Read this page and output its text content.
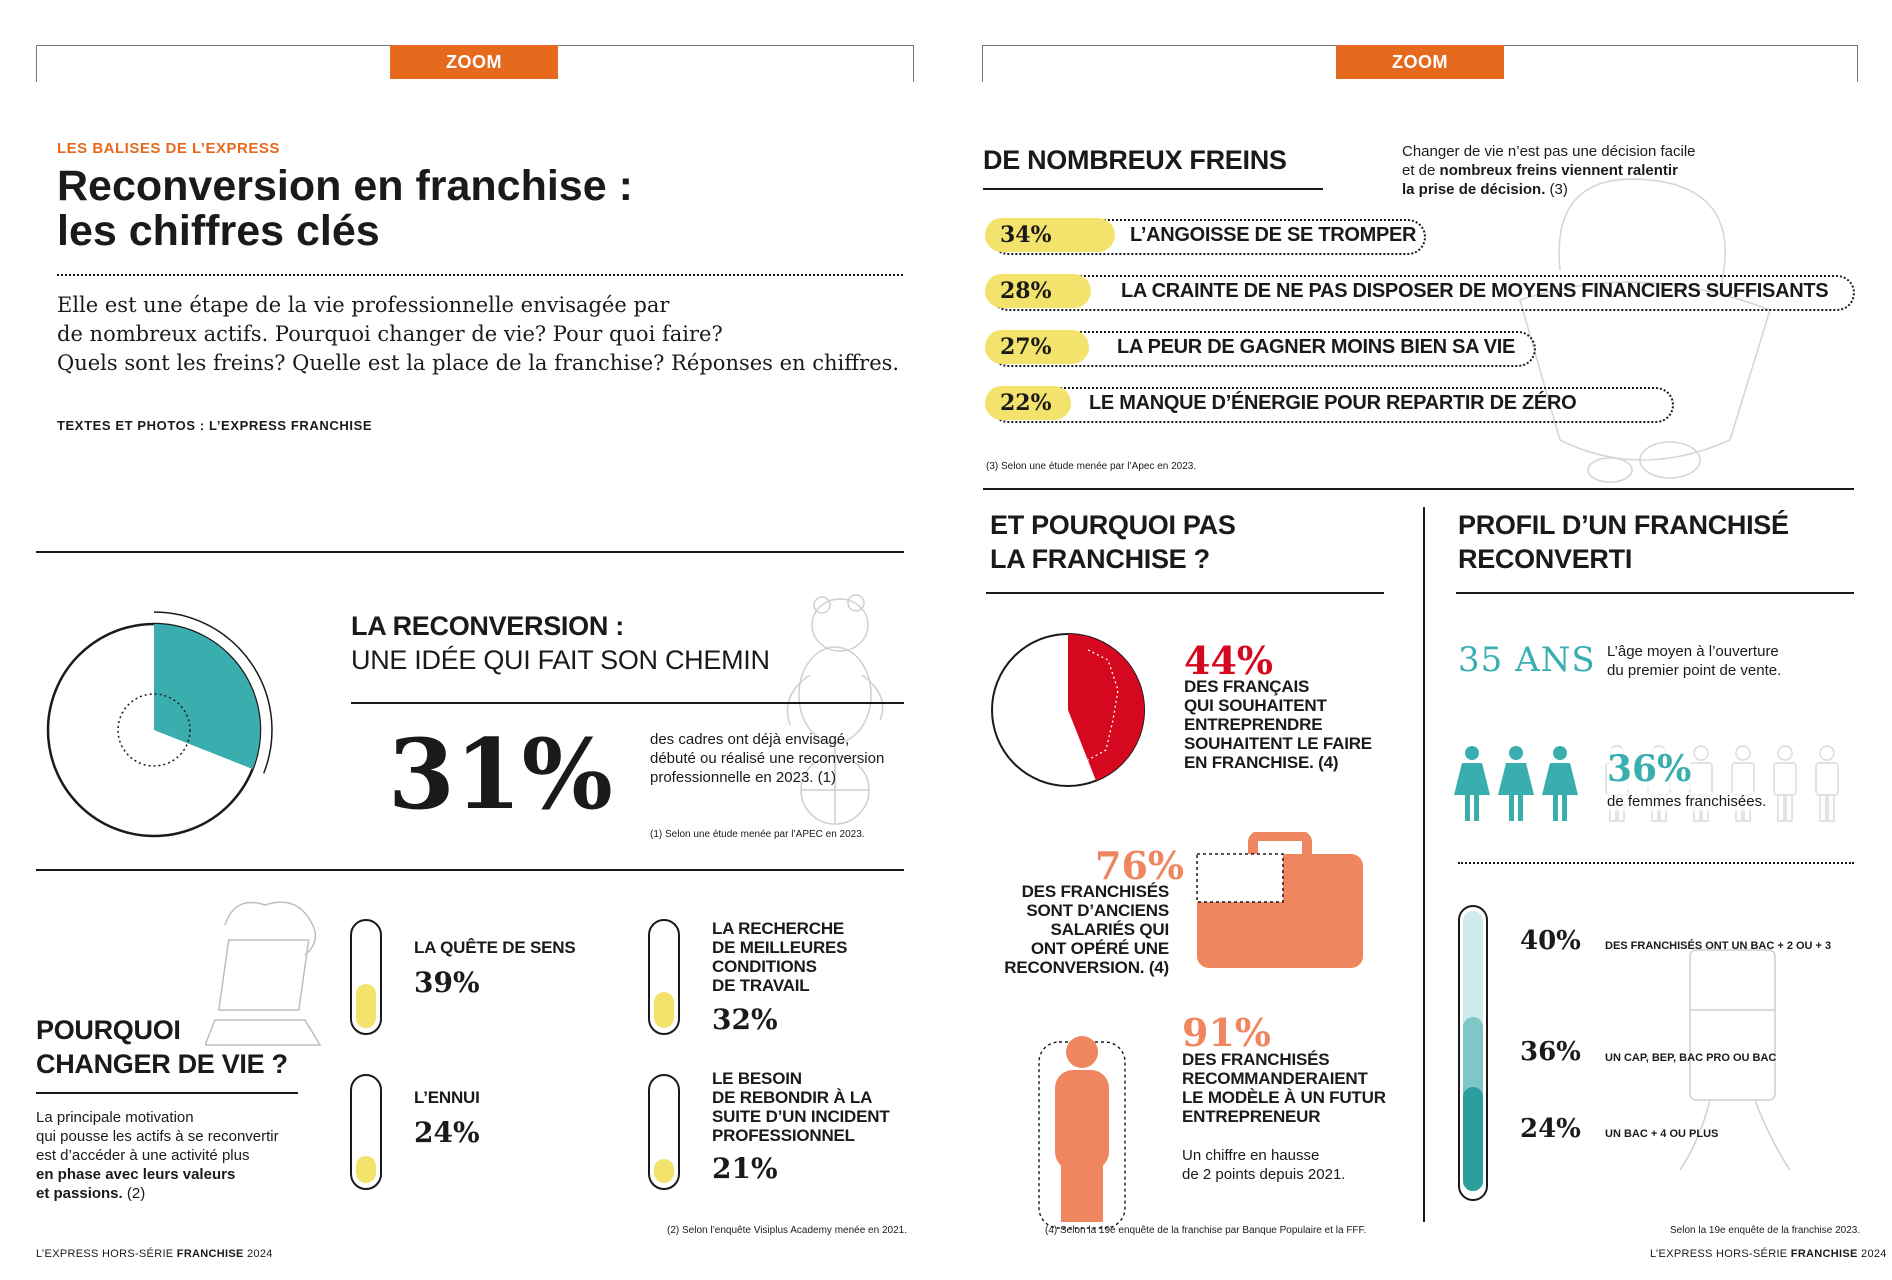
ZOOM
LES BALISES DE L’EXPRESS
Reconversion en franchise :
les chiffres clés
Elle est une étape de la vie professionnelle envisagée par
de nombreux actifs. Pourquoi changer de vie? Pour quoi faire?
Quels sont les freins? Quelle est la place de la franchise? Réponses en chiffres.
TEXTES ET PHOTOS : L’EXPRESS FRANCHISE
LA RECONVERSION :
UNE IDÉE QUI FAIT SON CHEMIN
31% des cadres ont déjà envisagé,
débuté ou réalisé une reconversion
professionnelle en 2023. (1)
(1) Selon une étude menée par l’APEC en 2023.
POURQUOI
CHANGER DE VIE ?
La principale motivation
qui pousse les actifs à se reconvertir
est d’accéder à une activité plus
en phase avec leurs valeurs
et passions. (2)
LA QUÊTE DE SENS
39%
L’ENNUI
24%
LA RECHERCHE
DE MEILLEURES
CONDITIONS
DE TRAVAIL
32%
LE BESOIN
DE REBONDIR À LA
SUITE D’UN INCIDENT
PROFESSIONNEL
21%
(2) Selon l’enquête Visiplus Academy menée en 2021.
L’EXPRESS HORS-SÉRIE FRANCHISE 2024
ZOOM
DE NOMBREUX FREINS	Changer de vie n’est pas une décision facile
et de nombreux freins viennent ralentir
la prise de décision. (3)
34%	L’ANGOISSE DE SE TROMPER
28%	LA CRAINTE DE NE PAS DISPOSER DE MOYENS FINANCIERS SUFFISANTS
27%	LA PEUR DE GAGNER MOINS BIEN SA VIE
22% LE MANQUE D’ÉNERGIE POUR REPARTIR DE ZÉRO
(3) Selon une étude menée par l’Apec en 2023.
ET POURQUOI PAS
LA FRANCHISE ?
44%
DES FRANÇAIS
QUI SOUHAITENT
ENTREPRENDRE
SOUHAITENT LE FAIRE
EN FRANCHISE. (4)
76%
DES FRANCHISÉS
SONT D’ANCIENS
SALARIÉS QUI
ONT OPÉRÉ UNE
RECONVERSION. (4)
91%
DES FRANCHISÉS
RECOMMANDERAIENT
LE MODÈLE À UN FUTUR
ENTREPRENEUR
Un chiffre en hausse
de 2 points depuis 2021.
(4) Selon la 19e enquête de la franchise par Banque Populaire et la FFF.
PROFIL D’UN FRANCHISÉ
RECONVERTI
35 ANS L’âge moyen à l’ouverture
du premier point de vente.
36%
de femmes franchisées.
40% DES FRANCHISÉS ONT UN BAC + 2 OU + 3
36% UN CAP, BEP, BAC PRO OU BAC
24% UN BAC + 4 OU PLUS
Selon la 19e enquête de la franchise 2023.
L’EXPRESS HORS-SÉRIE FRANCHISE 2024
